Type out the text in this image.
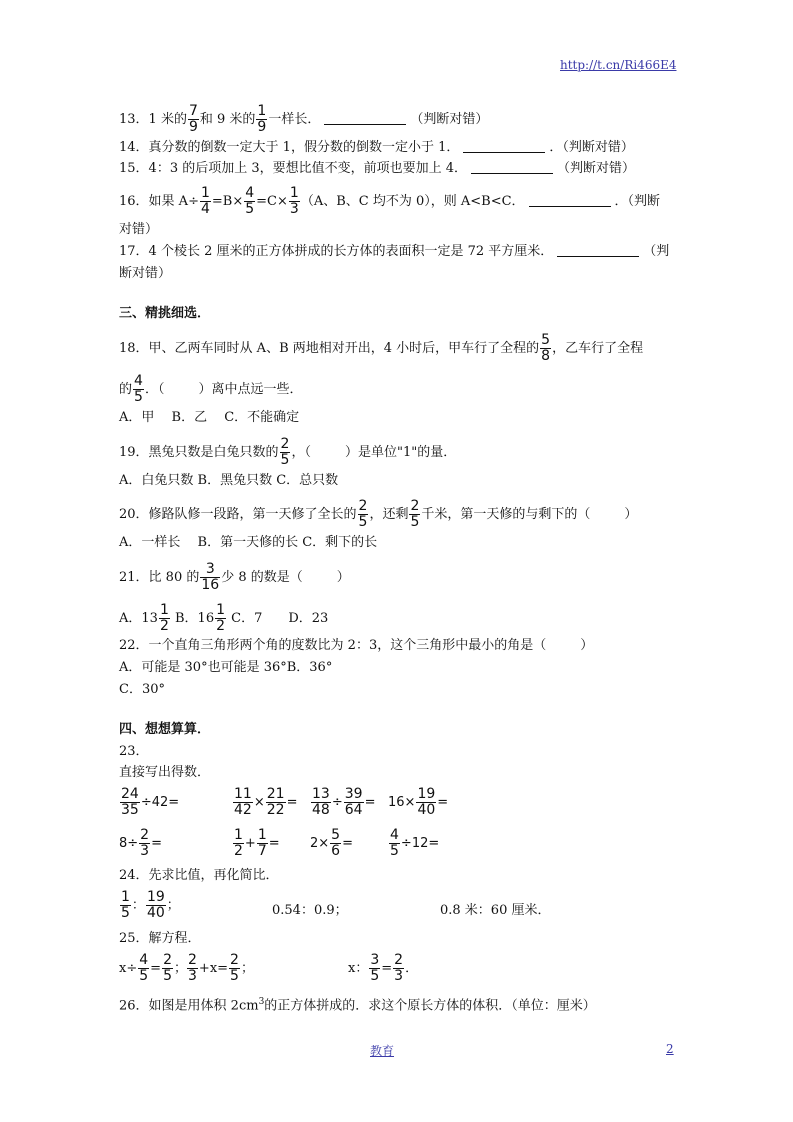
http://t.cn/Ri466E4
教育	2
13．1 米的 $\frac{7}{9}$ 和 9 米的 $\frac{1}{9}$ 一样长．	（判断对错）
14．真分数的倒数一定大于 1，假分数的倒数一定小于 1．	．（判断对错）
15．4：3 的后项加上 3，要想比值不变，前项也要加上 4．	（判断对错）
16．如果 $A\div \frac{1}{4} =B\times \frac{4}{5} =C\times \frac{1}{3} (A$、B、C 均不为 0），则 A<B<C．	．（判断
对错）
17．4 个棱长 2 厘米的正方体拼成的长方体的表面积一定是 72 平方厘米．	（判
断对错）
三、精挑细选．
18．甲、乙两车同时从 A、B 两地相对开出，4 小时后，甲车行了全程的 $\frac{5}{8}$ ，乙车行了全程
的 $\frac{4}{5}$ ．（	）离中点远一些．
A．甲　 B．乙　 C．不能确定
19．黑兔只数是白兔只数的 $\frac{2}{5}$ ，（	）是单位"1"的量．
A．白兔只数 B．黑兔只数 C．总只数
20．修路队修一段路，第一天修了全长的 $\frac{2}{5}$ ，还剩 $\frac{2}{5}$ 千米，第一天修的与剩下的（	）
A．一样长　 B．第一天修的长 C．剩下的长
21．比 80 的 $\frac{3}{16}$ 少 8 的数是（	）
A．$13 \frac{1}{2}$ B．$16 \frac{1}{2}$ C．7　　D．23
22．一个直角三角形两个角的度数比为 2：3，这个三角形中最小的角是（	）
A．可能是 30°也可能是 36°B．36°
C．30°
四、想想算算．
23．
直接写出得数．
$\frac{24}{35} \div 42=$	$\frac{11}{42} \times \frac{21}{22} = \frac{13}{48} \div \frac{39}{64} = 16\times \frac{19}{40}$ =
$8\div \frac{2}{3}$ =	$\frac{1}{2} + \frac{1}{7} = 2\times \frac{5}{6}$ =	$\frac{4}{5} \div 12=$
24．先求比值，再化简比．
$\frac{1}{5}$ ： $\frac{19}{40}$ ；	0.54：0.9；	0.8 米：60 厘米．
25．解方程．
$x\div \frac{4}{5} = \frac{2}{5}$ ； $\frac{2}{3} +x= \frac{2}{5}$ ；	x： $\frac{3}{5} = \frac{2}{3}$ ．
26．如图是用体积 $2cm^3$的正方体拼成的．求这个原长方体的体积．（单位：厘米）
